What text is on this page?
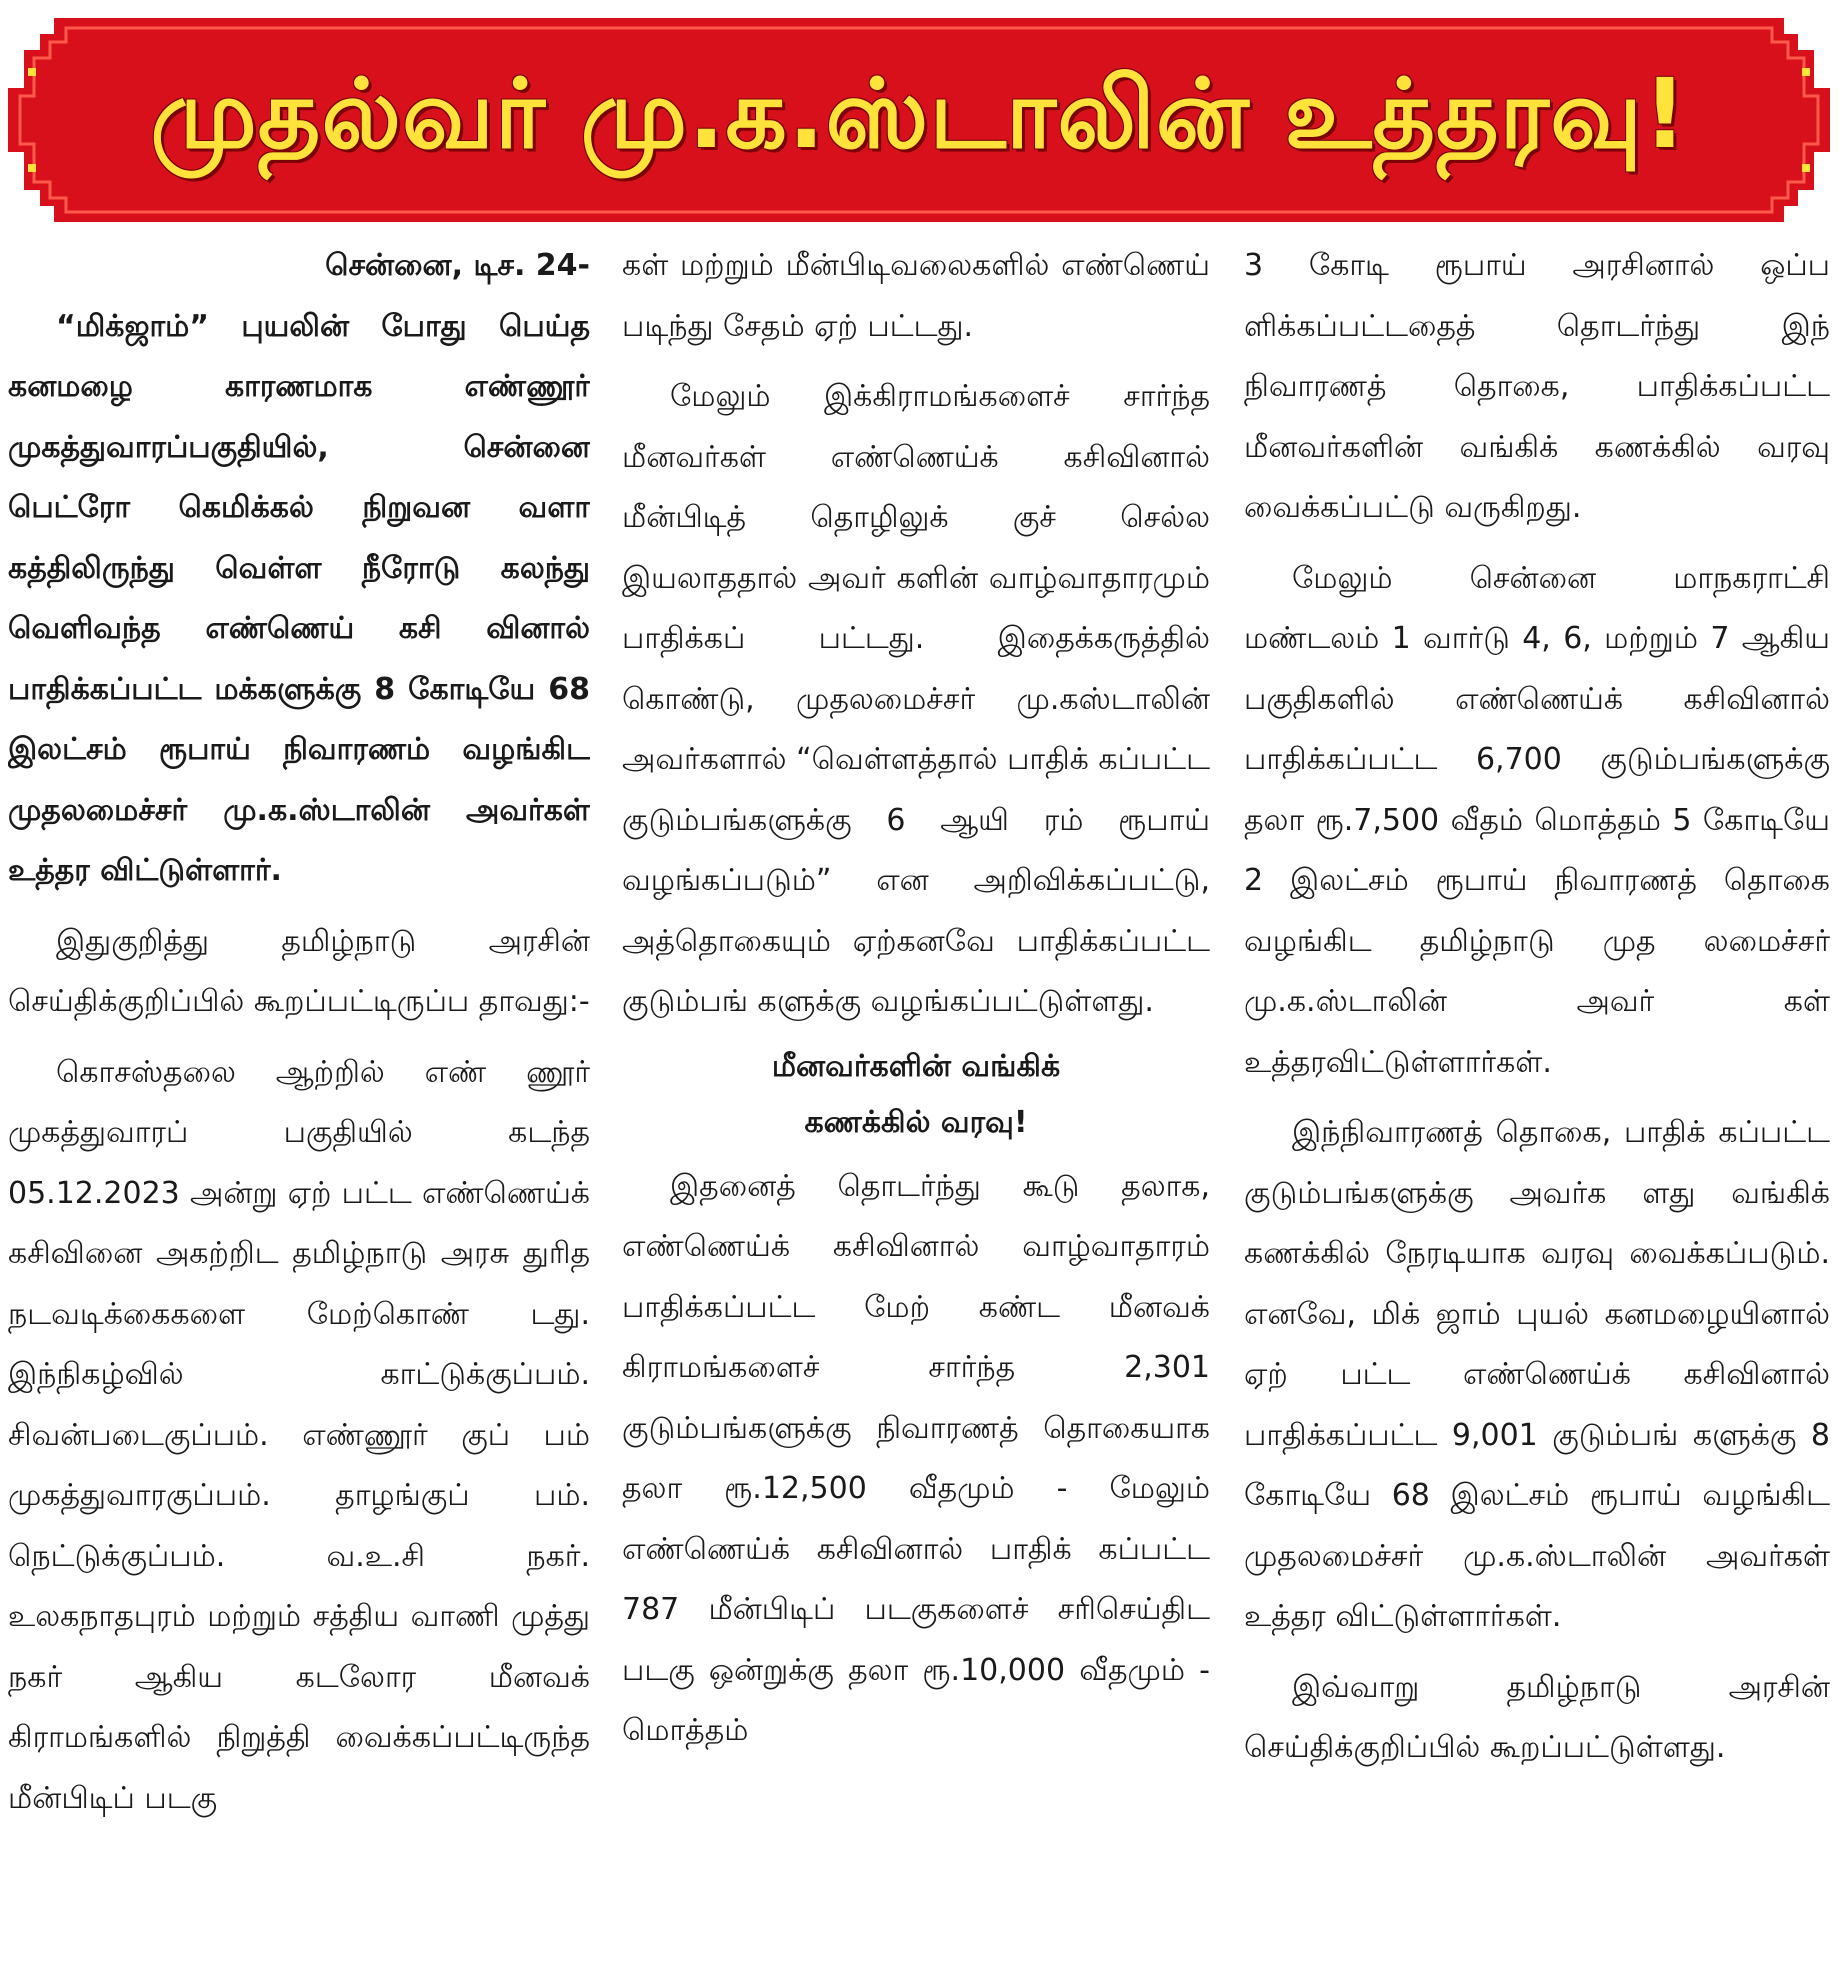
முதல்வர் மு.க.ஸ்டாலின் உத்தரவு!

சென்னை, டிச. 24-

“மிக்ஜாம்” புயலின் போது பெய்த கனமழை காரணமாக எண்ணூர் முகத்துவாரப்பகுதியில், சென்னை பெட்ரோ கெமிக்கல் நிறுவன வளா கத்திலிருந்து வெள்ள நீரோடு கலந்து வெளிவந்த எண்ணெய் கசி வினால் பாதிக்கப்பட்ட மக்களுக்கு 8 கோடியே 68 இலட்சம் ரூபாய் நிவாரணம் வழங்கிட முதலமைச்சர் மு.க.ஸ்டாலின் அவர்கள் உத்தர விட்டுள்ளார்.

இதுகுறித்து தமிழ்நாடு அரசின் செய்திக்குறிப்பில் கூறப்பட்டிருப்ப தாவது:-

கொசஸ்தலை ஆற்றில் எண் ணூர் முகத்துவாரப் பகுதியில் கடந்த 05.12.2023 அன்று ஏற் பட்ட எண்ணெய்க் கசிவினை அகற்றிட தமிழ்நாடு அரசு துரித நடவடிக்கைகளை மேற்கொண் டது. இந்நிகழ்வில் காட்டுக்குப்பம். சிவன்படைகுப்பம். எண்ணூர் குப் பம் முகத்துவாரகுப்பம். தாழங்குப் பம். நெட்டுக்குப்பம். வ.உ.சி நகர். உலகநாதபுரம் மற்றும் சத்திய வாணி முத்து நகர் ஆகிய கடலோர மீனவக் கிராமங்களில் நிறுத்தி வைக்கப்பட்டிருந்த மீன்பிடிப் படகு

கள் மற்றும் மீன்பிடிவலைகளில் எண்ணெய் படிந்து சேதம் ஏற் பட்டது.

மேலும் இக்கிராமங்களைச் சார்ந்த மீனவர்கள் எண்ணெய்க் கசிவினால் மீன்பிடித் தொழிலுக் குச் செல்ல இயலாததால் அவர் களின் வாழ்வாதாரமும் பாதிக்கப் பட்டது. இதைக்கருத்தில் கொண்டு, முதலமைச்சர் மு.கஸ்டாலின் அவர்களால் “வெள்ளத்தால் பாதிக் கப்பட்ட குடும்பங்களுக்கு 6 ஆயி ரம் ரூபாய் வழங்கப்படும்” என அறிவிக்கப்பட்டு, அத்தொகையும் ஏற்கனவே பாதிக்கப்பட்ட குடும்பங் களுக்கு வழங்கப்பட்டுள்ளது.

மீனவர்களின் வங்கிக்
கணக்கில் வரவு!

இதனைத் தொடர்ந்து கூடு தலாக, எண்ணெய்க் கசிவினால் வாழ்வாதாரம் பாதிக்கப்பட்ட மேற் கண்ட மீனவக் கிராமங்களைச் சார்ந்த 2,301 குடும்பங்களுக்கு நிவாரணத் தொகையாக தலா ரூ.12,500 வீதமும் - மேலும் எண்ணெய்க் கசிவினால் பாதிக் கப்பட்ட 787 மீன்பிடிப் படகுகளைச் சரிசெய்திட படகு ஒன்றுக்கு தலா ரூ.10,000 வீதமும் - மொத்தம்

3 கோடி ரூபாய் அரசினால் ஒப்ப ளிக்கப்பட்டதைத் தொடர்ந்து இந் நிவாரணத் தொகை, பாதிக்கப்பட்ட மீனவர்களின் வங்கிக் கணக்கில் வரவு வைக்கப்பட்டு வருகிறது.

மேலும் சென்னை மாநகராட்சி மண்டலம் 1 வார்டு 4, 6, மற்றும் 7 ஆகிய பகுதிகளில் எண்ணெய்க் கசிவினால் பாதிக்கப்பட்ட 6,700 குடும்பங்களுக்கு தலா ரூ.7,500 வீதம் மொத்தம் 5 கோடியே 2 இலட்சம் ரூபாய் நிவாரணத் தொகை வழங்கிட தமிழ்நாடு முத லமைச்சர் மு.க.ஸ்டாலின் அவர் கள் உத்தரவிட்டுள்ளார்கள்.

இந்நிவாரணத் தொகை, பாதிக் கப்பட்ட குடும்பங்களுக்கு அவர்க ளது வங்கிக் கணக்கில் நேரடியாக வரவு வைக்கப்படும். எனவே, மிக் ஜாம் புயல் கனமழையினால் ஏற் பட்ட எண்ணெய்க் கசிவினால் பாதிக்கப்பட்ட 9,001 குடும்பங் களுக்கு 8 கோடியே 68 இலட்சம் ரூபாய் வழங்கிட முதலமைச்சர் மு.க.ஸ்டாலின் அவர்கள் உத்தர விட்டுள்ளார்கள்.

இவ்வாறு தமிழ்நாடு அரசின் செய்திக்குறிப்பில் கூறப்பட்டுள்ளது.
